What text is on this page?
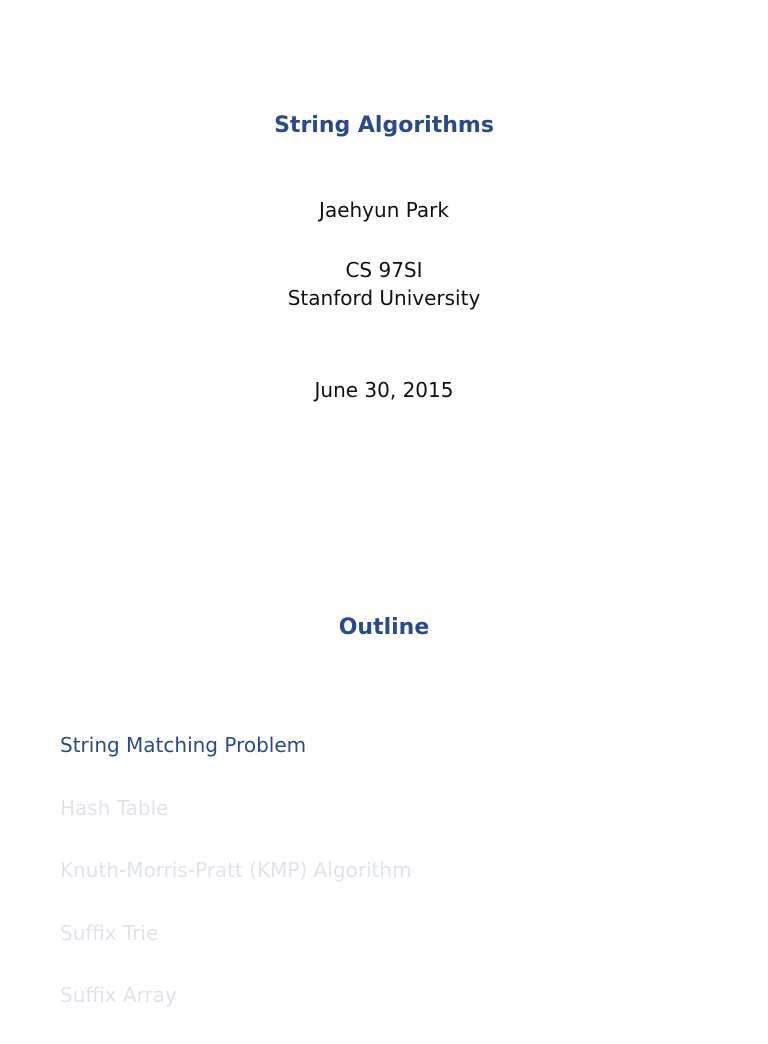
String Algorithms
Jaehyun Park
CS 97SI
Stanford University
June 30, 2015
Outline
String Matching Problem
Hash Table
Knuth-Morris-Pratt (KMP) Algorithm
Suffix Trie
Suffix Array
